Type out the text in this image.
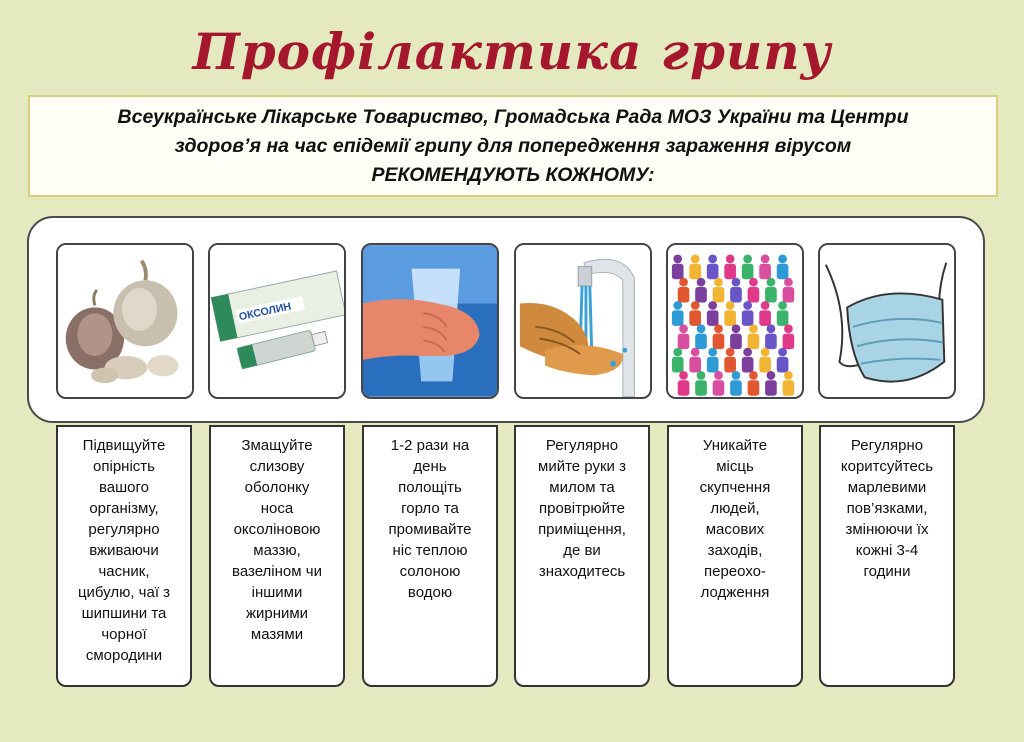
Профілактика грипу
Всеукраїнське Лікарське Товариство, Громадська Рада МОЗ України та Центри
здоров’я на час епідемії грипу для попередження зараження вірусом
РЕКОМЕНДУЮТЬ КОЖНОМУ:
ОКСОЛИН
Підвищуйте
опірність
вашого
організму,
регулярно
вживаючи
часник,
цибулю, чаї з
шипшини та
чорної
смородини
Змащуйте
слизову
оболонку
носа
оксоліновою
маззю,
вазеліном чи
іншими
жирними
мазями
1-2 рази на
день
полощіть
горло та
промивайте
ніс теплою
солоною
водою
Регулярно
мийте руки з
милом та
провітрюйте
приміщення,
де ви
знаходитесь
Уникайте
місць
скупчення
людей,
масових
заходів,
переохо-
лодження
Регулярно
коритсуйтесь
марлевими
пов’язками,
змінюючи їх
кожні 3-4
години
